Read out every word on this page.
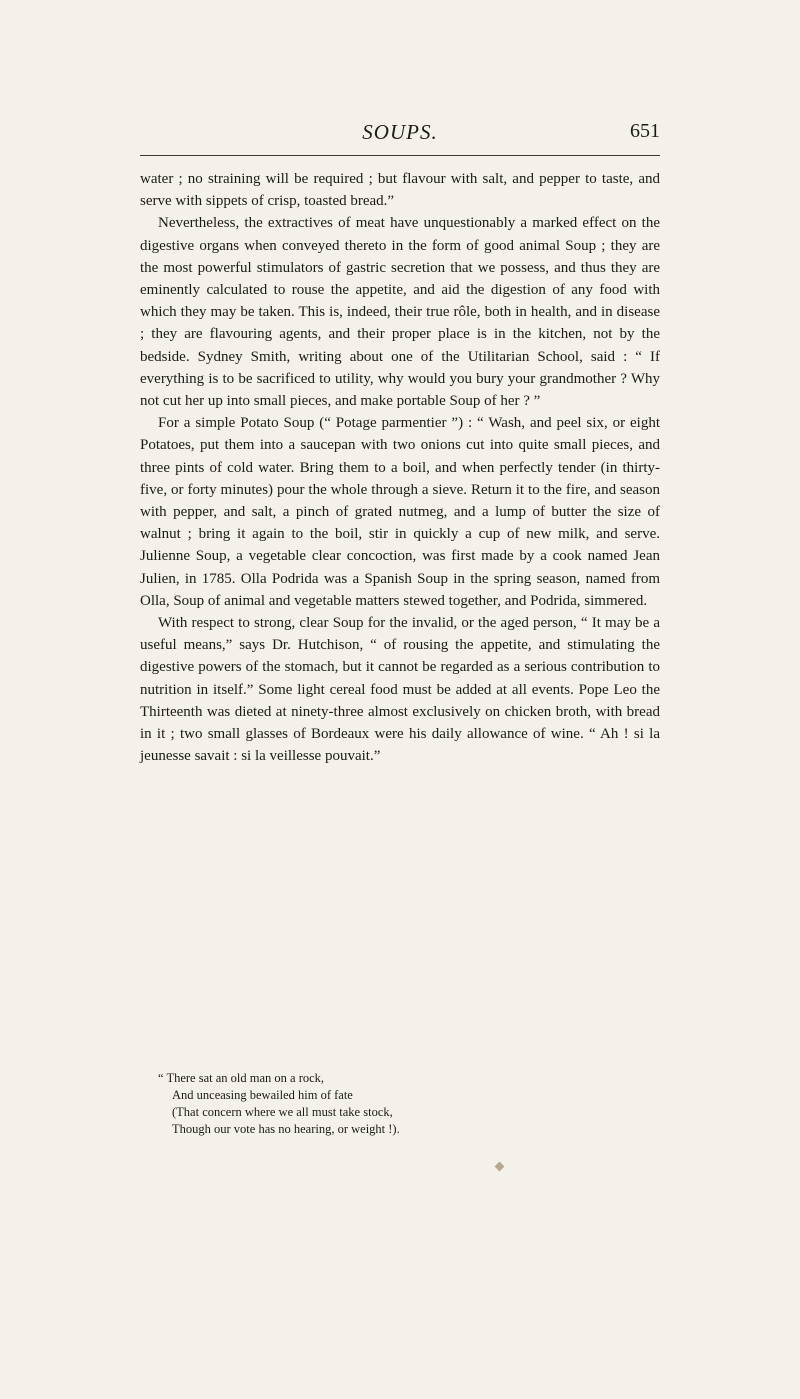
SOUPS.	651

water ; no straining will be required ; but flavour with salt, and pepper to taste, and serve with sippets of crisp, toasted bread.”

Nevertheless, the extractives of meat have unquestionably a marked effect on the digestive organs when conveyed thereto in the form of good animal Soup ; they are the most powerful stimulators of gastric secretion that we possess, and thus they are eminently calculated to rouse the appetite, and aid the digestion of any food with which they may be taken. This is, indeed, their true rôle, both in health, and in disease ; they are flavouring agents, and their proper place is in the kitchen, not by the bedside. Sydney Smith, writing about one of the Utilitarian School, said : “ If everything is to be sacrificed to utility, why would you bury your grandmother ? Why not cut her up into small pieces, and make portable Soup of her ? ”

For a simple Potato Soup (“ Potage parmentier ”) : “ Wash, and peel six, or eight Potatoes, put them into a saucepan with two onions cut into quite small pieces, and three pints of cold water. Bring them to a boil, and when perfectly tender (in thirty-five, or forty minutes) pour the whole through a sieve. Return it to the fire, and season with pepper, and salt, a pinch of grated nutmeg, and a lump of butter the size of walnut ; bring it again to the boil, stir in quickly a cup of new milk, and serve. Julienne Soup, a vegetable clear concoction, was first made by a cook named Jean Julien, in 1785. Olla Podrida was a Spanish Soup in the spring season, named from Olla, Soup of animal and vegetable matters stewed together, and Podrida, simmered.

With respect to strong, clear Soup for the invalid, or the aged person, “ It may be a useful means,” says Dr. Hutchison, “ of rousing the appetite, and stimulating the digestive powers of the stomach, but it cannot be regarded as a serious contribution to nutrition in itself.” Some light cereal food must be added at all events. Pope Leo the Thirteenth was dieted at ninety-three almost exclusively on chicken broth, with bread in it ; two small glasses of Bordeaux were his daily allowance of wine. “ Ah ! si la jeunesse savait : si la veillesse pouvait.”

“ There sat an old man on a rock,
And unceasing bewailed him of fate
(That concern where we all must take stock,
Though our vote has no hearing, or weight !).
